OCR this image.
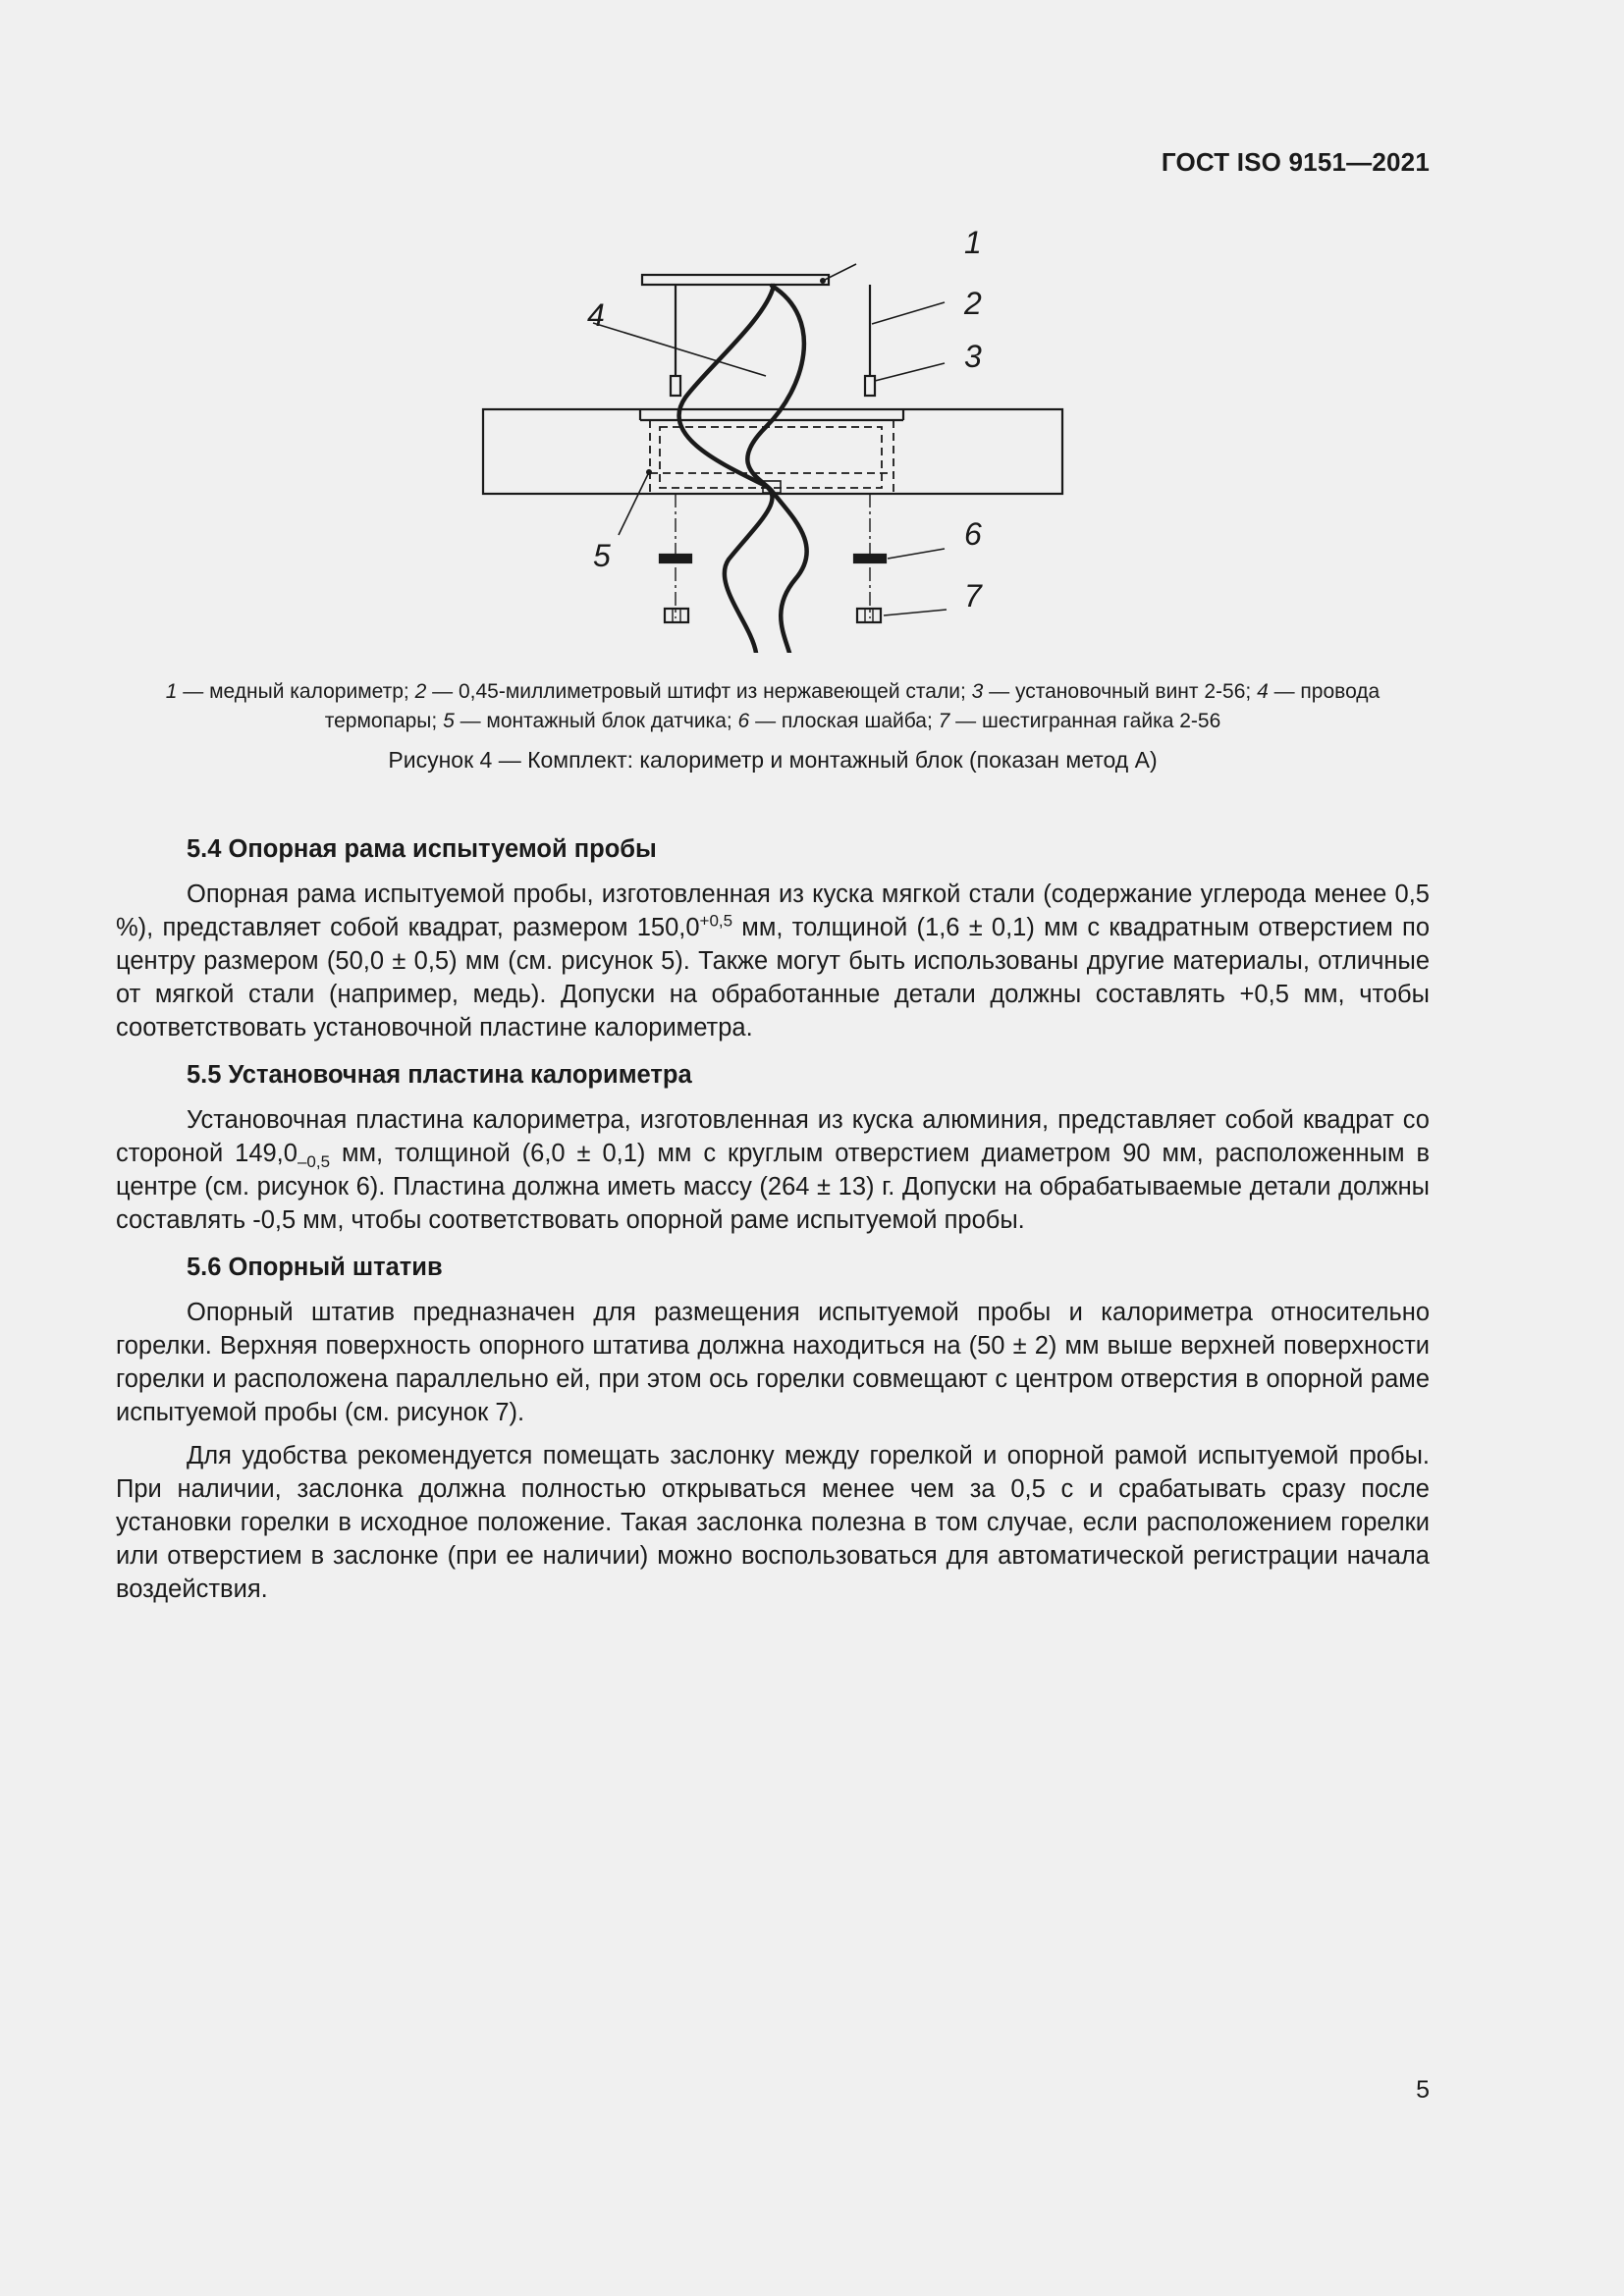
ГОСТ ISO 9151—2021
1
2
3
4
5
6
7
1 — медный калориметр; 2 — 0,45-миллиметровый штифт из нержавеющей стали; 3 — установочный винт 2-56; 4 — провода термопары; 5 — монтажный блок датчика; 6 — плоская шайба; 7 — шестигранная гайка 2-56
Рисунок 4 — Комплект: калориметр и монтажный блок (показан метод А)
5.4 Опорная рама испытуемой пробы

Опорная рама испытуемой пробы, изготовленная из куска мягкой стали (содержание углерода менее 0,5 %), представляет собой квадрат, размером $150,0^{+0,5}$ мм, толщиной (1,6 ± 0,1) мм с квадратным отверстием по центру размером (50,0 ± 0,5) мм (см. рисунок 5). Также могут быть использованы другие материалы, отличные от мягкой стали (например, медь). Допуски на обработанные детали должны составлять +0,5 мм, чтобы соответствовать установочной пластине калориметра.

5.5 Установочная пластина калориметра

Установочная пластина калориметра, изготовленная из куска алюминия, представляет собой квадрат со стороной $149,0_{-0,5}$ мм, толщиной (6,0 ± 0,1) мм с круглым отверстием диаметром 90 мм, расположенным в центре (см. рисунок 6). Пластина должна иметь массу (264 ± 13) г. Допуски на обрабатываемые детали должны составлять -0,5 мм, чтобы соответствовать опорной раме испытуемой пробы.

5.6 Опорный штатив

Опорный штатив предназначен для размещения испытуемой пробы и калориметра относительно горелки. Верхняя поверхность опорного штатива должна находиться на (50 ± 2) мм выше верхней поверхности горелки и расположена параллельно ей, при этом ось горелки совмещают с центром отверстия в опорной раме испытуемой пробы (см. рисунок 7).

Для удобства рекомендуется помещать заслонку между горелкой и опорной рамой испытуемой пробы. При наличии, заслонка должна полностью открываться менее чем за 0,5 с и срабатывать сразу после установки горелки в исходное положение. Такая заслонка полезна в том случае, если расположением горелки или отверстием в заслонке (при ее наличии) можно воспользоваться для автоматической регистрации начала воздействия.

5
